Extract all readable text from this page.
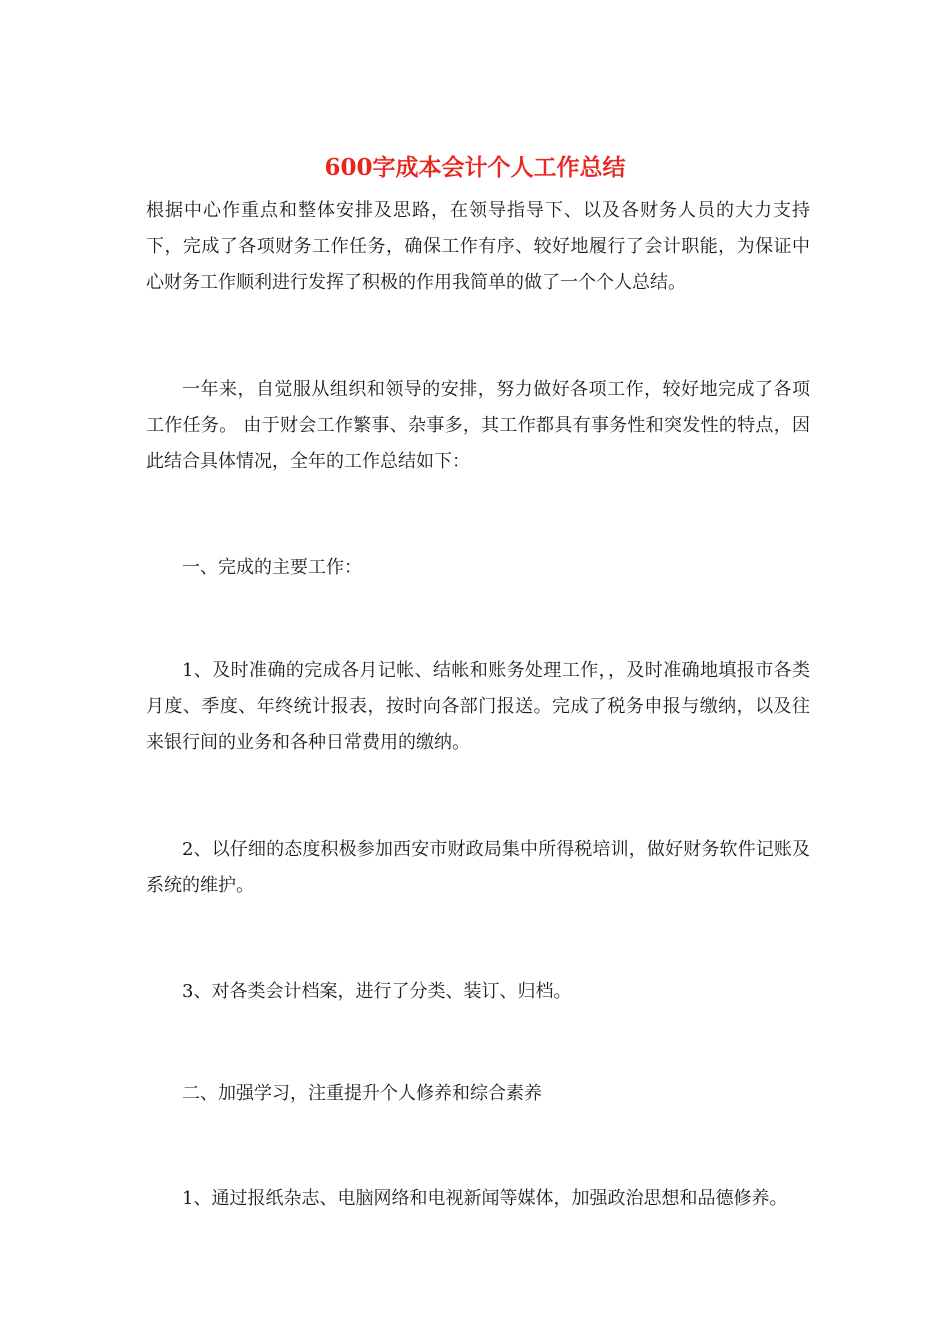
600字成本会计个人工作总结

根据中心作重点和整体安排及思路，在领导指导下、以及各财务人员的大力支持下，完成了各项财务工作任务，确保工作有序、较好地履行了会计职能，为保证中心财务工作顺利进行发挥了积极的作用我简单的做了一个个人总结。

一年来，自觉服从组织和领导的安排，努力做好各项工作，较好地完成了各项工作任务。 由于财会工作繁事、杂事多，其工作都具有事务性和突发性的特点，因此结合具体情况，全年的工作总结如下：

一、完成的主要工作：

1、及时准确的完成各月记帐、结帐和账务处理工作，，及时准确地填报市各类月度、季度、年终统计报表，按时向各部门报送。完成了税务申报与缴纳，以及往来银行间的业务和各种日常费用的缴纳。

2、以仔细的态度积极参加西安市财政局集中所得税培训，做好财务软件记账及系统的维护。

3、对各类会计档案，进行了分类、装订、归档。

二、加强学习，注重提升个人修养和综合素养

1、通过报纸杂志、电脑网络和电视新闻等媒体，加强政治思想和品德修养。
